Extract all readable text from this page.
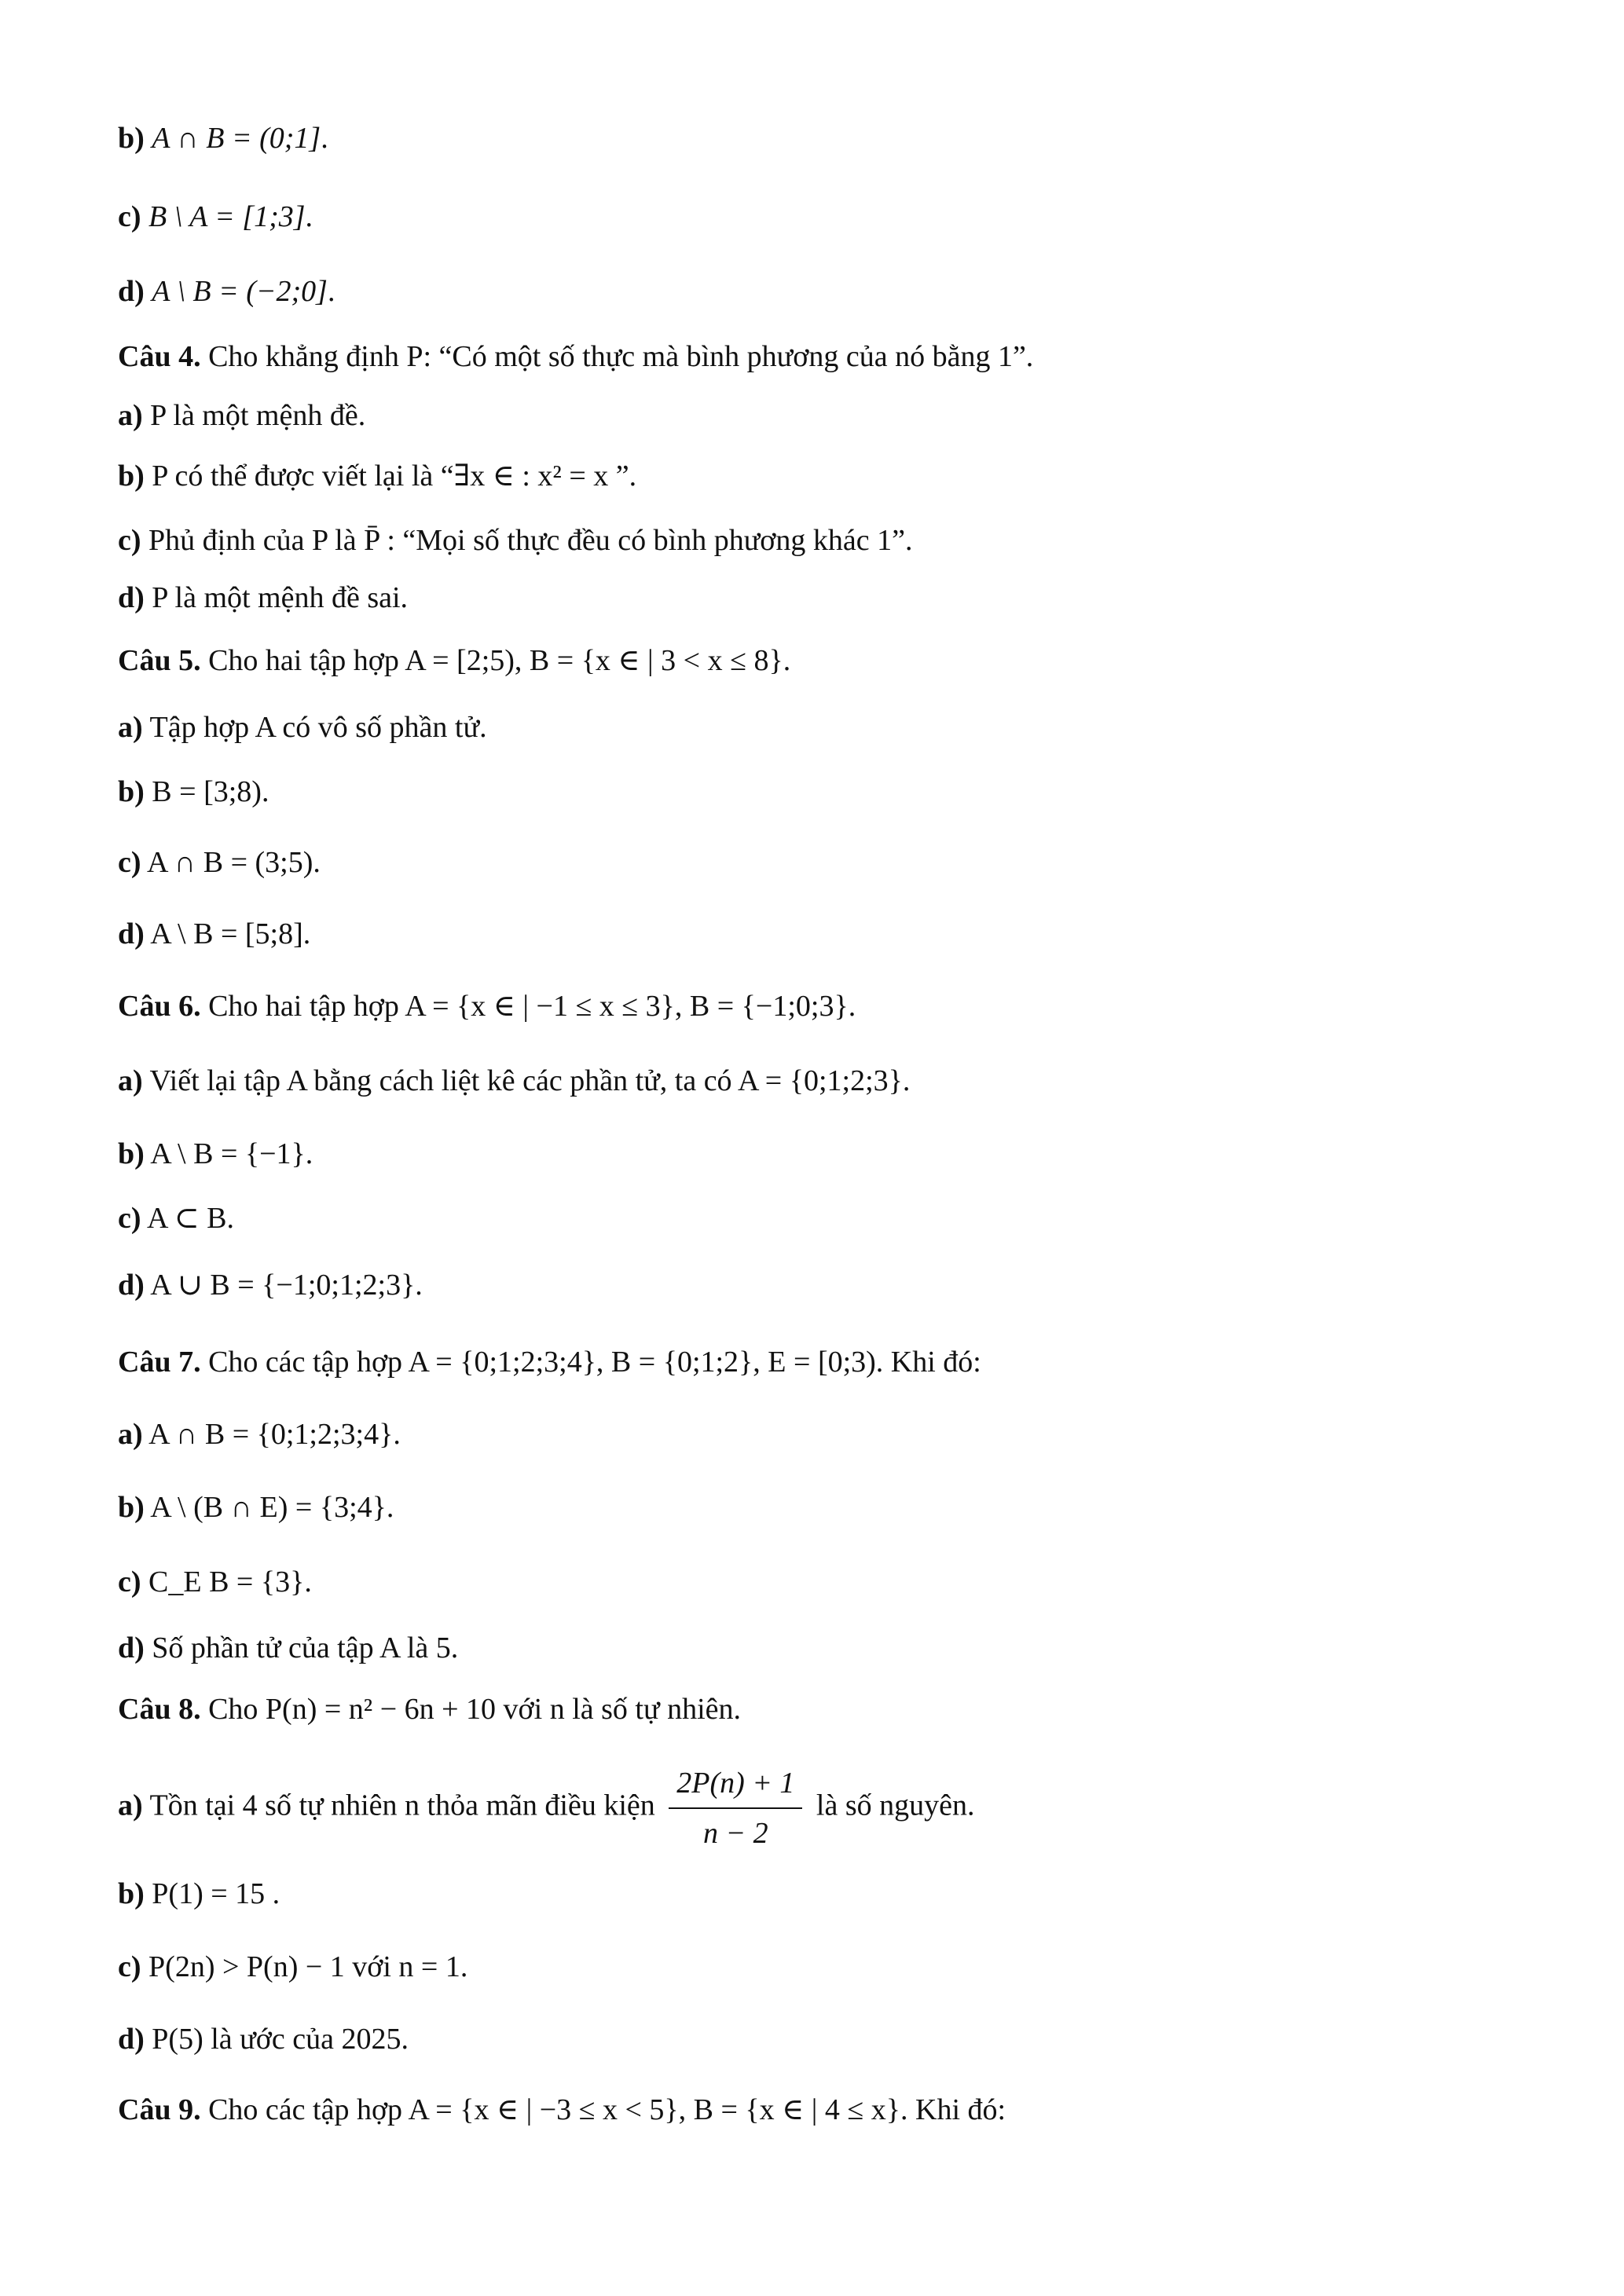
b) A ∩ B = (0;1].
c) B \ A = [1;3].
d) A \ B = (−2;0].
Câu 4. Cho khẳng định P: “Có một số thực mà bình phương của nó bằng 1”.
a) P là một mệnh đề.
b) P có thể được viết lại là “∃x ∈ : x² = x ”.
c) Phủ định của P là P̄ : “Mọi số thực đều có bình phương khác 1”.
d) P là một mệnh đề sai.
Câu 5. Cho hai tập hợp A = [2;5), B = {x ∈ | 3 < x ≤ 8}.
a) Tập hợp A có vô số phần tử.
b) B = [3;8).
c) A ∩ B = (3;5).
d) A \ B = [5;8].
Câu 6. Cho hai tập hợp A = {x ∈ | −1 ≤ x ≤ 3}, B = {−1;0;3}.
a) Viết lại tập A bằng cách liệt kê các phần tử, ta có A = {0;1;2;3}.
b) A \ B = {−1}.
c) A ⊂ B.
d) A ∪ B = {−1;0;1;2;3}.
Câu 7. Cho các tập hợp A = {0;1;2;3;4}, B = {0;1;2}, E = [0;3). Khi đó:
a) A ∩ B = {0;1;2;3;4}.
b) A \ (B ∩ E) = {3;4}.
c) C_E B = {3}.
d) Số phần tử của tập A là 5.
Câu 8. Cho P(n) = n² − 6n + 10 với n là số tự nhiên.
a) Tồn tại 4 số tự nhiên n thỏa mãn điều kiện $\frac{2P(n) + 1}{n - 2}$ là số nguyên.
b) P(1) = 15 .
c) P(2n) > P(n) − 1 với n = 1.
d) P(5) là ước của 2025.
Câu 9. Cho các tập hợp A = {x ∈ | −3 ≤ x < 5}, B = {x ∈ | 4 ≤ x}. Khi đó:
